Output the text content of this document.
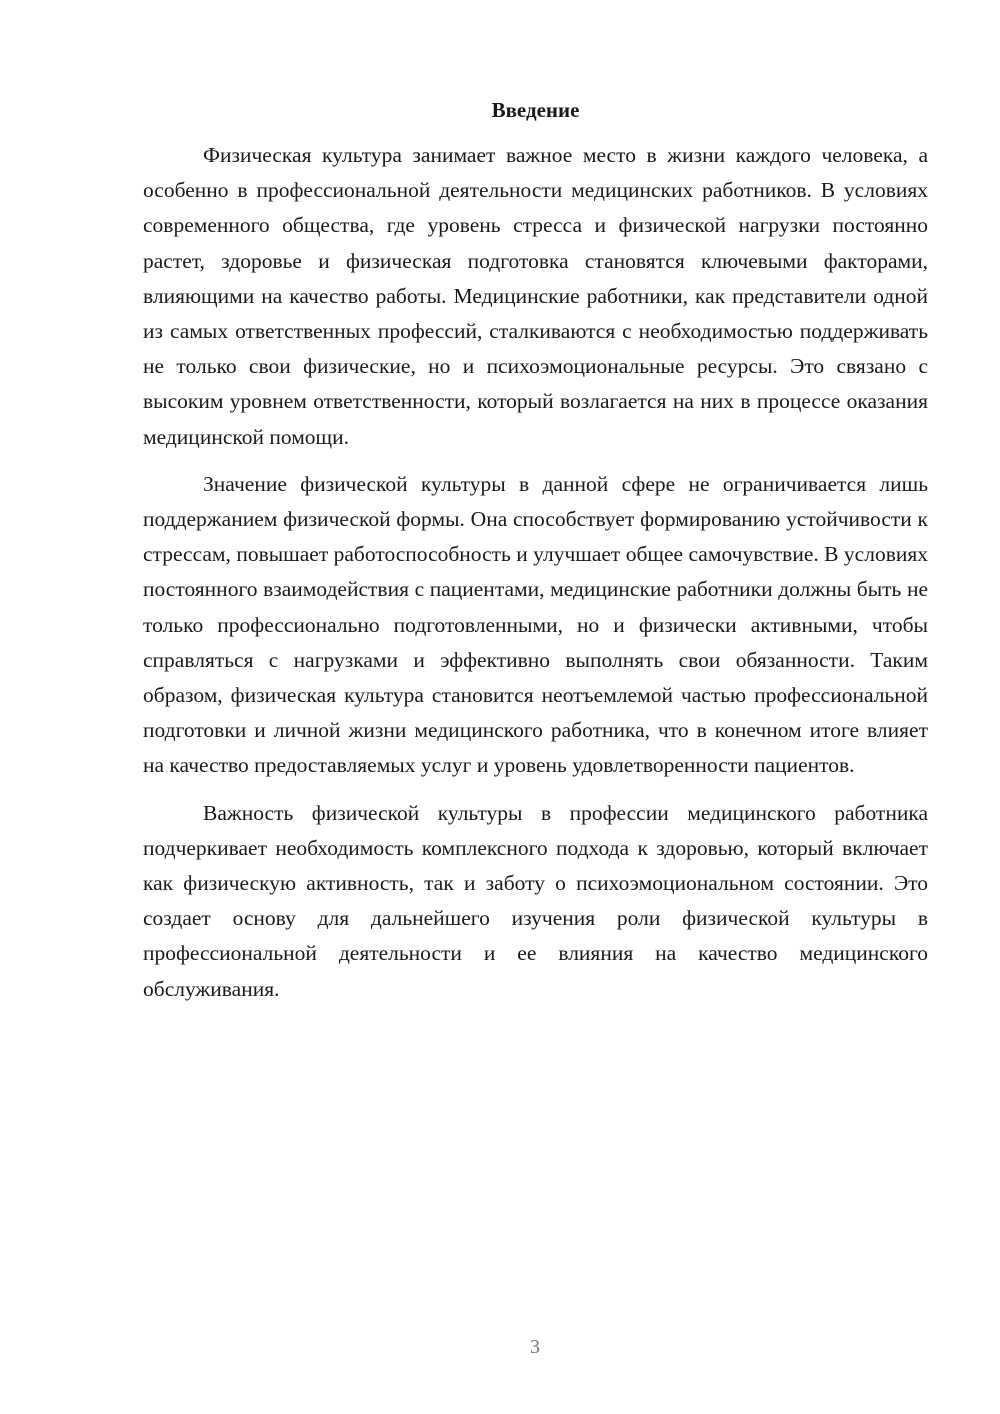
Введение

Физическая культура занимает важное место в жизни каждого человека, а особенно в профессиональной деятельности медицинских работников. В условиях современного общества, где уровень стресса и физической нагрузки постоянно растет, здоровье и физическая подготовка становятся ключевыми факторами, влияющими на качество работы. Медицинские работники, как представители одной из самых ответственных профессий, сталкиваются с необходимостью поддерживать не только свои физические, но и психоэмоциональные ресурсы. Это связано с высоким уровнем ответственности, который возлагается на них в процессе оказания медицинской помощи.

Значение физической культуры в данной сфере не ограничивается лишь поддержанием физической формы. Она способствует формированию устойчивости к стрессам, повышает работоспособность и улучшает общее самочувствие. В условиях постоянного взаимодействия с пациентами, медицинские работники должны быть не только профессионально подготовленными, но и физически активными, чтобы справляться с нагрузками и эффективно выполнять свои обязанности. Таким образом, физическая культура становится неотъемлемой частью профессиональной подготовки и личной жизни медицинского работника, что в конечном итоге влияет на качество предоставляемых услуг и уровень удовлетворенности пациентов.

Важность физической культуры в профессии медицинского работника подчеркивает необходимость комплексного подхода к здоровью, который включает как физическую активность, так и заботу о психоэмоциональном состоянии. Это создает основу для дальнейшего изучения роли физической культуры в профессиональной деятельности и ее влияния на качество медицинского обслуживания.

3
